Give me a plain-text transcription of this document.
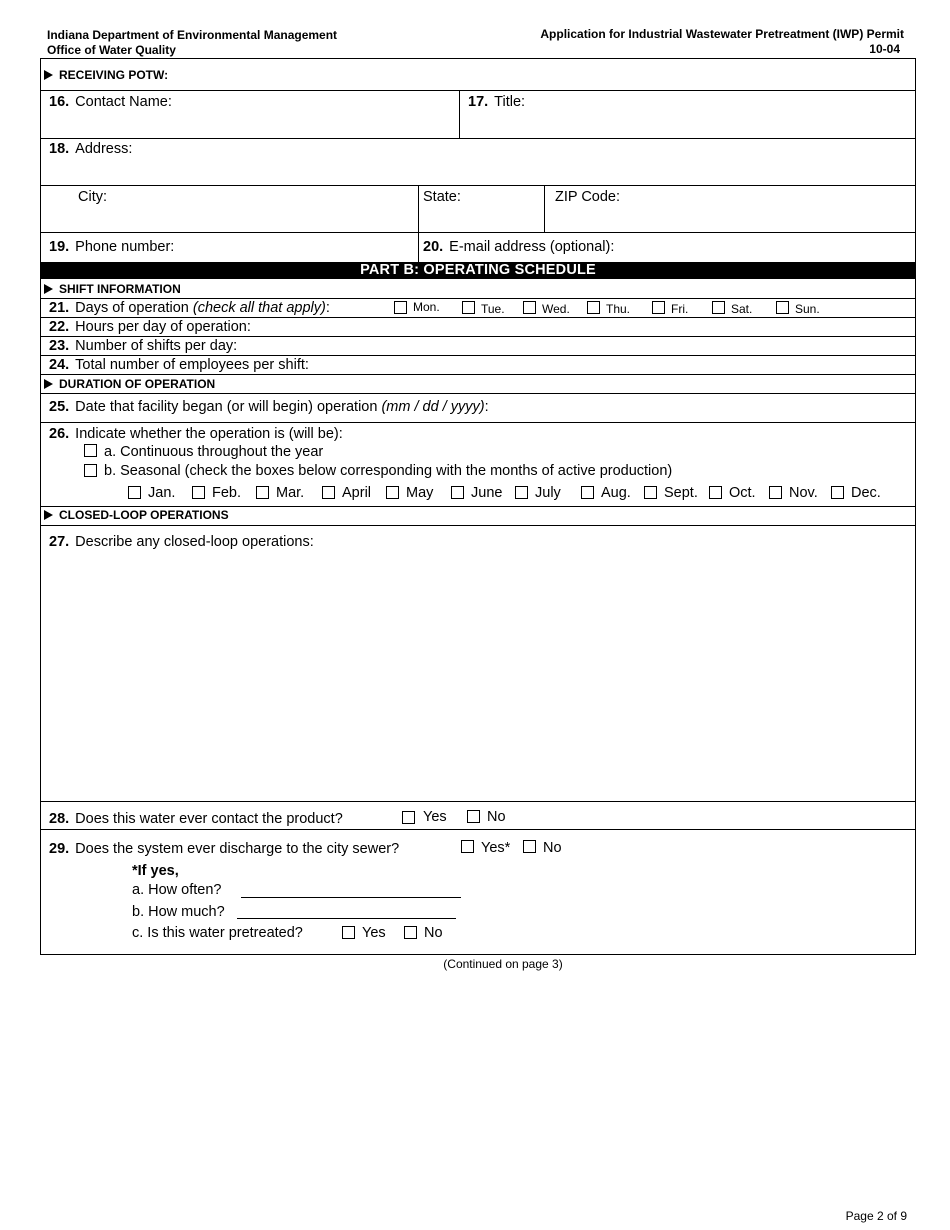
Indiana Department of Environmental Management
Office of Water Quality
Application for Industrial Wastewater Pretreatment (IWP) Permit
10-04
RECEIVING POTW:
16. Contact Name:	17. Title:
18. Address:
City:	State:	ZIP Code:
19. Phone number:	20. E-mail address (optional):
PART B: OPERATING SCHEDULE
SHIFT INFORMATION
21. Days of operation (check all that apply):	Mon.	Tue.	Wed.	Thu.	Fri.	Sat.	Sun.
22. Hours per day of operation:
23. Number of shifts per day:
24. Total number of employees per shift:
DURATION OF OPERATION
25. Date that facility began (or will begin) operation (mm / dd / yyyy):
26. Indicate whether the operation is (will be):
a. Continuous throughout the year
b. Seasonal (check the boxes below corresponding with the months of active production)
Jan.	Feb. Mar.	April May	June July	Aug. Sept. Oct. Nov. Dec.
CLOSED-LOOP OPERATIONS
27. Describe any closed-loop operations:
28. Does this water ever contact the product?	Yes	No
29. Does the system ever discharge to the city sewer?	Yes* No
*If yes,
a. How often?
b. How much?
c. Is this water pretreated?	Yes	No
(Continued on page 3)
Page 2 of 9
